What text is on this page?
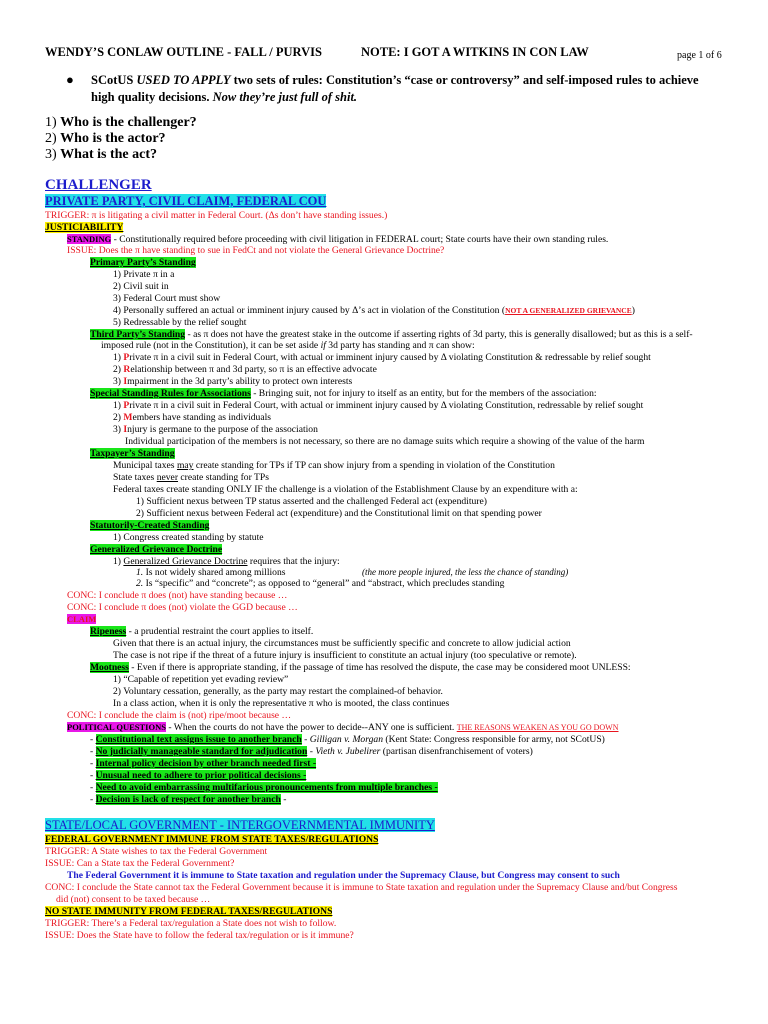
WENDY’S CONLAW OUTLINE - FALL / PURVIS	NOTE: I GOT A WITKINS IN CON LAW	page 1 of 6
● SCotUS USED TO APPLY two sets of rules: Constitution’s “case or controversy” and self-imposed rules to achieve
high quality decisions. Now they’re just full of shit.
1) Who is the challenger?
2) Who is the actor?
3) What is the act?
CHALLENGER
PRIVATE PARTY, CIVIL CLAIM, FEDERAL COU
TRIGGER: π is litigating a civil matter in Federal Court. (Δs don’t have standing issues.)
JUSTICIABILITY
STANDING - Constitutionally required before proceeding with civil litigation in FEDERAL court; State courts have their own standing rules.
ISSUE: Does the π have standing to sue in FedCt and not violate the General Grievance Doctrine?
Primary Party’s Standing
1) Private π in a
2) Civil suit in
3) Federal Court must show
4) Personally suffered an actual or imminent injury caused by Δ’s act in violation of the Constitution (NOT A GENERALIZED GRIEVANCE)
5) Redressable by the relief sought
Third Party’s Standing - as π does not have the greatest stake in the outcome if asserting rights of 3d party, this is generally disallowed; but as this is a self-
imposed rule (not in the Constitution), it can be set aside if 3d party has standing and π can show:
1) Private π in a civil suit in Federal Court, with actual or imminent injury caused by Δ violating Constitution & redressable by relief sought
2) Relationship between π and 3d party, so π is an effective advocate
3) Impairment in the 3d party’s ability to protect own interests
Special Standing Rules for Associations - Bringing suit, not for injury to itself as an entity, but for the members of the association:
1) Private π in a civil suit in Federal Court, with actual or imminent injury caused by Δ violating Constitution, redressable by relief sought
2) Members have standing as individuals
3) Injury is germane to the purpose of the association
Individual participation of the members is not necessary, so there are no damage suits which require a showing of the value of the harm
Taxpayer’s Standing
Municipal taxes may create standing for TPs if TP can show injury from a spending in violation of the Constitution
State taxes never create standing for TPs
Federal taxes create standing ONLY IF the challenge is a violation of the Establishment Clause by an expenditure with a:
1) Sufficient nexus between TP status asserted and the challenged Federal act (expenditure)
2) Sufficient nexus between Federal act (expenditure) and the Constitutional limit on that spending power
Statutorily-Created Standing
1) Congress created standing by statute
Generalized Grievance Doctrine
1) Generalized Grievance Doctrine requires that the injury:
1. Is not widely shared among millions	(the more people injured, the less the chance of standing)
2. Is “specific” and “concrete”; as opposed to “general” and “abstract, which precludes standing
CONC: I conclude π does (not) have standing because …
CONC: I conclude π does (not) violate the GGD because …
CLAIM
Ripeness - a prudential restraint the court applies to itself.
Given that there is an actual injury, the circumstances must be sufficiently specific and concrete to allow judicial action
The case is not ripe if the threat of a future injury is insufficient to constitute an actual injury (too speculative or remote).
Mootness - Even if there is appropriate standing, if the passage of time has resolved the dispute, the case may be considered moot UNLESS:
1) “Capable of repetition yet evading review”
2) Voluntary cessation, generally, as the party may restart the complained-of behavior.
In a class action, when it is only the representative π who is mooted, the class continues
CONC: I conclude the claim is (not) ripe/moot because …
POLITICAL QUESTIONS - When the courts do not have the power to decide--ANY one is sufficient. THE REASONS WEAKEN AS YOU GO DOWN
- Constitutional text assigns issue to another branch - Gilligan v. Morgan (Kent State: Congress responsible for army, not SCotUS)
- No judicially manageable standard for adjudication - Vieth v. Jubelirer (partisan disenfranchisement of voters)
- Internal policy decision by other branch needed first -
- Unusual need to adhere to prior political decisions -
- Need to avoid embarrassing multifarious pronouncements from multiple branches -
- Decision is lack of respect for another branch -
STATE/LOCAL GOVERNMENT - INTERGOVERNMENTAL IMMUNITY
FEDERAL GOVERNMENT IMMUNE FROM STATE TAXES/REGULATIONS
TRIGGER: A State wishes to tax the Federal Government
ISSUE: Can a State tax the Federal Government?
The Federal Government it is immune to State taxation and regulation under the Supremacy Clause, but Congress may consent to such
CONC: I conclude the State cannot tax the Federal Government because it is immune to State taxation and regulation under the Supremacy Clause and/but Congress
did (not) consent to be taxed because …
NO STATE IMMUNITY FROM FEDERAL TAXES/REGULATIONS
TRIGGER: There’s a Federal tax/regulation a State does not wish to follow.
ISSUE: Does the State have to follow the federal tax/regulation or is it immune?
